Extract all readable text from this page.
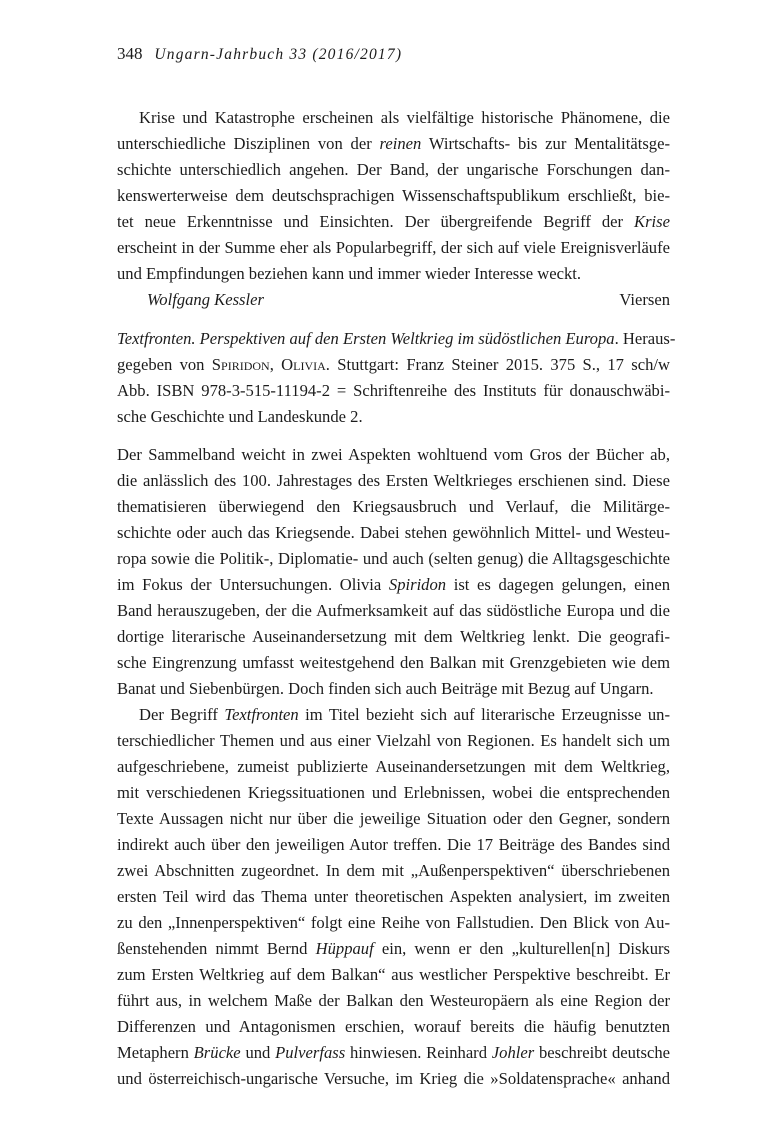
348 Ungarn-Jahrbuch 33 (2016/2017)
Krise und Katastrophe erscheinen als vielfältige historische Phänomene, die
unterschiedliche Disziplinen von der reinen Wirtschafts- bis zur Mentalitätsge-
schichte unterschiedlich angehen. Der Band, der ungarische Forschungen dan-
kenswerterweise dem deutschsprachigen Wissenschaftspublikum erschließt, bie-
tet neue Erkenntnisse und Einsichten. Der übergreifende Begriff der Krise
erscheint in der Summe eher als Popularbegriff, der sich auf viele Ereignisverläufe
und Empfindungen beziehen kann und immer wieder Interesse weckt.
Wolfgang Kessler	Viersen
Textfronten. Perspektiven auf den Ersten Weltkrieg im südöstlichen Europa. Heraus-
gegeben von Spiridon, Olivia. Stuttgart: Franz Steiner 2015. 375 S., 17 sch/w
Abb. ISBN 978-3-515-11194-2 = Schriftenreihe des Instituts für donauschwäbi-
sche Geschichte und Landeskunde 2.
Der Sammelband weicht in zwei Aspekten wohltuend vom Gros der Bücher ab,
die anlässlich des 100. Jahrestages des Ersten Weltkrieges erschienen sind. Diese
thematisieren überwiegend den Kriegsausbruch und Verlauf, die Militärge-
schichte oder auch das Kriegsende. Dabei stehen gewöhnlich Mittel- und Westeu-
ropa sowie die Politik-, Diplomatie- und auch (selten genug) die Alltagsgeschichte
im Fokus der Untersuchungen. Olivia Spiridon ist es dagegen gelungen, einen
Band herauszugeben, der die Aufmerksamkeit auf das südöstliche Europa und die
dortige literarische Auseinandersetzung mit dem Weltkrieg lenkt. Die geografi-
sche Eingrenzung umfasst weitestgehend den Balkan mit Grenzgebieten wie dem
Banat und Siebenbürgen. Doch finden sich auch Beiträge mit Bezug auf Ungarn.
Der Begriff Textfronten im Titel bezieht sich auf literarische Erzeugnisse un-
terschiedlicher Themen und aus einer Vielzahl von Regionen. Es handelt sich um
aufgeschriebene, zumeist publizierte Auseinandersetzungen mit dem Weltkrieg,
mit verschiedenen Kriegssituationen und Erlebnissen, wobei die entsprechenden
Texte Aussagen nicht nur über die jeweilige Situation oder den Gegner, sondern
indirekt auch über den jeweiligen Autor treffen. Die 17 Beiträge des Bandes sind
zwei Abschnitten zugeordnet. In dem mit „Außenperspektiven“ überschriebenen
ersten Teil wird das Thema unter theoretischen Aspekten analysiert, im zweiten
zu den „Innenperspektiven“ folgt eine Reihe von Fallstudien. Den Blick von Au-
ßenstehenden nimmt Bernd Hüppauf ein, wenn er den „kulturellen[n] Diskurs
zum Ersten Weltkrieg auf dem Balkan“ aus westlicher Perspektive beschreibt. Er
führt aus, in welchem Maße der Balkan den Westeuropäern als eine Region der
Differenzen und Antagonismen erschien, worauf bereits die häufig benutzten
Metaphern Brücke und Pulverfass hinwiesen. Reinhard Johler beschreibt deutsche
und österreichisch-ungarische Versuche, im Krieg die »Soldatensprache« anhand
